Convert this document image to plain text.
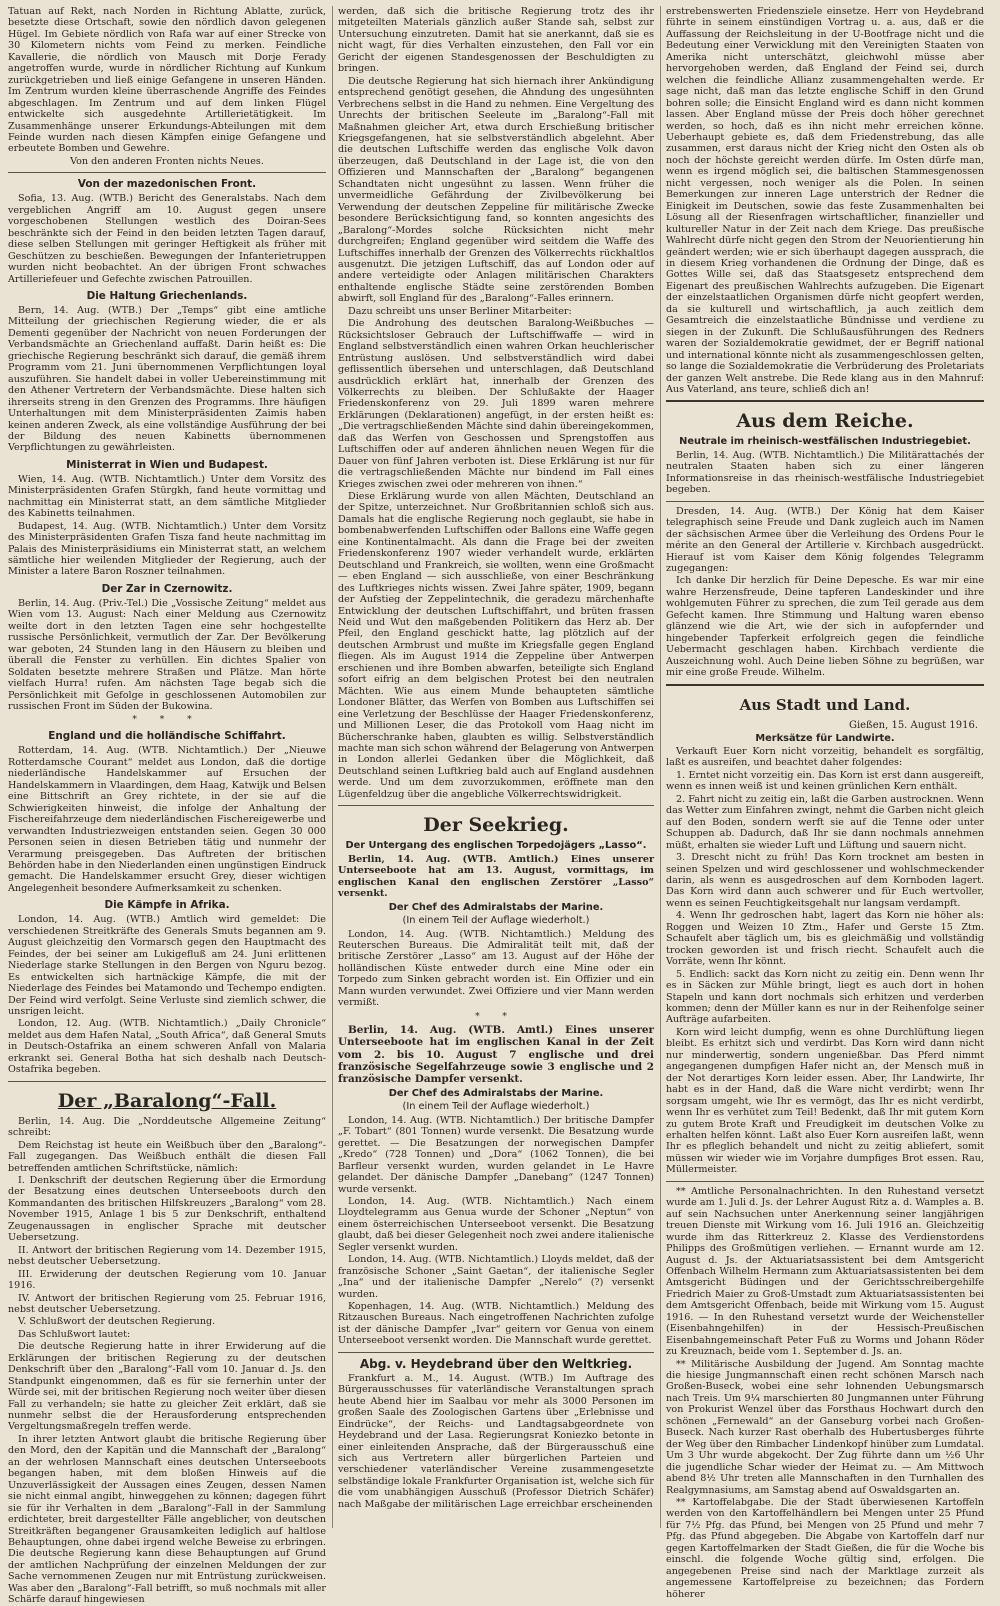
Tatuan auf Rekt, nach Norden in Richtung Ablatte, zurück, besetzte diese Ortschaft, sowie den nördlich davon gelegenen Hügel. Im Gebiete nördlich von Rafa war auf einer Strecke von 30 Kilometern nichts vom Feind zu merken. Feindliche Kavallerie, die nördlich von Mausch mit Dorje Ferady angetroffen wurde, wurde in nördlicher Richtung auf Kunkum zurückgetrieben und ließ einige Gefangene in unseren Händen. Im Zentrum wurden kleine überraschende Angriffe des Feindes abgeschlagen. Im Zentrum und auf dem linken Flügel entwickelte sich ausgedehnte Artillerietätigkeit. Im Zusammenhänge unserer Erkundungs-Abteilungen mit dem Feinde wurden nach diesen Kämpfen einige Gefangene und erbeutete Bomben und Gewehre.

Von den anderen Fronten nichts Neues.

Von der mazedonischen Front.

Sofia, 13. Aug. (WTB.) Bericht des Generalstabs. Nach dem vergeblichen Angriff am 10. August gegen unsere vorgeschobenen Stellungen westlich des Doiran-Sees beschränkte sich der Feind in den beiden letzten Tagen darauf, diese selben Stellungen mit geringer Heftigkeit als früher mit Geschützen zu beschießen. Bewegungen der Infanterietruppen wurden nicht beobachtet. An der übrigen Front schwaches Artilleriefeuer und Gefechte zwischen Patrouillen.

Die Haltung Griechenlands.

Bern, 14. Aug. (WTB.) Der „Temps“ gibt eine amtliche Mitteilung der griechischen Regierung wieder, die er als Dementi gegenüber der Nachricht von neuen Forderungen der Verbandsmächte an Griechenland auffaßt. Darin heißt es: Die griechische Regierung beschränkt sich darauf, die gemäß ihrem Programm vom 21. Juni übernommenen Verpflichtungen loyal auszuführen. Sie handelt dabei in voller Uebereinstimmung mit den Athener Vertretern der Verbandsmächte. Diese halten sich ihrerseits streng in den Grenzen des Programms. Ihre häufigen Unterhaltungen mit dem Ministerpräsidenten Zaimis haben keinen anderen Zweck, als eine vollständige Ausführung der bei der Bildung des neuen Kabinetts übernommenen Verpflichtungen zu gewährleisten.

Ministerrat in Wien und Budapest.

Wien, 14. Aug. (WTB. Nichtamtlich.) Unter dem Vorsitz des Ministerpräsidenten Grafen Stürgkh, fand heute vormittag und nachmittag ein Ministerrat statt, an dem sämtliche Mitglieder des Kabinetts teilnahmen.

Budapest, 14. Aug. (WTB. Nichtamtlich.) Unter dem Vorsitz des Ministerpräsidenten Grafen Tisza fand heute nachmittag im Palais des Ministerpräsidiums ein Ministerrat statt, an welchem sämtliche hier weilenden Mitglieder der Regierung, auch der Minister a latere Baron Roszner teilnahmen.

Der Zar in Czernowitz.

Berlin, 14. Aug. (Priv.-Tel.) Die „Vossische Zeitung“ meldet aus Wien vom 13. August: Nach einer Meldung aus Czernowitz weilte dort in den letzten Tagen eine sehr hochgestellte russische Persönlichkeit, vermutlich der Zar. Der Bevölkerung war geboten, 24 Stunden lang in den Häusern zu bleiben und überall die Fenster zu verhüllen. Ein dichtes Spalier von Soldaten besetzte mehrere Straßen und Plätze. Man hörte vielfach Hurra! rufen. Am nächsten Tage begab sich die Persönlichkeit mit Gefolge in geschlossenen Automobilen zur russischen Front im Süden der Bukowina.

* * *
England und die holländische Schiffahrt.

Rotterdam, 14. Aug. (WTB. Nichtamtlich.) Der „Nieuwe Rotterdamsche Courant“ meldet aus London, daß die dortige niederländische Handelskammer auf Ersuchen der Handelskammern in Vlaardingen, dem Haag, Katwijk und Belsen eine Bittschrift an Grey richtete, in der sie auf die Schwierigkeiten hinweist, die infolge der Anhaltung der Fischereifahrzeuge dem niederländischen Fischereigewerbe und verwandten Industriezweigen entstanden seien. Gegen 30 000 Personen seien in diesen Betrieben tätig und nunmehr der Verarmung preisgegeben. Das Auftreten der britischen Behörden habe in den Niederlanden einen ungünstigen Eindruck gemacht. Die Handelskammer ersucht Grey, dieser wichtigen Angelegenheit besondere Aufmerksamkeit zu schenken.

Die Kämpfe in Afrika.

London, 14. Aug. (WTB.) Amtlich wird gemeldet: Die verschiedenen Streitkräfte des Generals Smuts begannen am 9. August gleichzeitig den Vormarsch gegen den Hauptmacht des Feindes, der bei seiner am Lukigefluß am 24. Juni erlittenen Niederlage starke Stellungen in den Bergen von Nguru bezog. Es entwickelten sich hartnäckige Kämpfe, die mit der Niederlage des Feindes bei Matamondo und Techempo endigten. Der Feind wird verfolgt. Seine Verluste sind ziemlich schwer, die unsrigen leicht.

London, 12. Aug. (WTB. Nichtamtlich.) „Daily Chronicle“ meldet aus dem Hafen Natal, „South Africa“, daß General Smuts in Deutsch-Ostafrika an einem schweren Anfall von Malaria erkrankt sei. General Botha hat sich deshalb nach Deutsch-Ostafrika begeben.

Der „Baralong“-Fall.

Berlin, 14. Aug. Die „Norddeutsche Allgemeine Zeitung“ schreibt:

Dem Reichstag ist heute ein Weißbuch über den „Baralong“-Fall zugegangen. Das Weißbuch enthält die diesen Fall betreffenden amtlichen Schriftstücke, nämlich:

I. Denkschrift der deutschen Regierung über die Ermordung der Besatzung eines deutschen Unterseeboots durch den Kommandanten des britischen Hilfskreuzers „Baralong“ vom 28. November 1915, Anlage 1 bis 5 zur Denkschrift, enthaltend Zeugenaussagen in englischer Sprache mit deutscher Uebersetzung.

II. Antwort der britischen Regierung vom 14. Dezember 1915, nebst deutscher Uebersetzung.

III. Erwiderung der deutschen Regierung vom 10. Januar 1916.

IV. Antwort der britischen Regierung vom 25. Februar 1916, nebst deutscher Uebersetzung.

V. Schlußwort der deutschen Regierung.

Das Schlußwort lautet:

Die deutsche Regierung hatte in ihrer Erwiderung auf die Erklärungen der britischen Regierung zu der deutschen Denkschrift über den „Baralong“-Fall vom 10. Januar d. Js. den Standpunkt eingenommen, daß es für sie fernerhin unter der Würde sei, mit der britischen Regierung noch weiter über diesen Fall zu verhandeln; sie hatte zu gleicher Zeit erklärt, daß sie nunmehr selbst die der Herausforderung entsprechenden Vergeltungsmaßregeln treffen werde.

In ihrer letzten Antwort glaubt die britische Regierung über den Mord, den der Kapitän und die Mannschaft der „Baralong“ an der wehrlosen Mannschaft eines deutschen Unterseeboots begangen haben, mit dem bloßen Hinweis auf die Unzuverlässigkeit der Aussagen eines Zeugen, dessen Namen sie nicht einmal angibt, hinweggehen zu können; dagegen führt sie für ihr Verhalten in dem „Baralong“-Fall in der Sammlung erdichteter, breit dargestellter Fälle angeblicher, von deutschen Streitkräften begangener Grausamkeiten lediglich auf haltlose Behauptungen, ohne dabei irgend welche Beweise zu erbringen. Die deutsche Regierung kann diese Behauptungen auf Grund der amtlichen Nachprüfung der einzelnen Meldungen der zur Sache vernommenen Zeugen nur mit Entrüstung zurückweisen. Was aber den „Baralong“-Fall betrifft, so muß nochmals mit aller Schärfe darauf hingewiesen

werden, daß sich die britische Regierung trotz des ihr mitgeteilten Materials gänzlich außer Stande sah, selbst zur Untersuchung einzutreten. Damit hat sie anerkannt, daß sie es nicht wagt, für dies Verhalten einzustehen, den Fall vor ein Gericht der eigenen Standesgenossen der Beschuldigten zu bringen.

Die deutsche Regierung hat sich hiernach ihrer Ankündigung entsprechend genötigt gesehen, die Ahndung des ungesühnten Verbrechens selbst in die Hand zu nehmen. Eine Vergeltung des Unrechts der britischen Seeleute im „Baralong“-Fall mit Maßnahmen gleicher Art, etwa durch Erschießung britischer Kriegsgefangenen, hat sie selbstverständlich abgelehnt. Aber die deutschen Luftschiffe werden das englische Volk davon überzeugen, daß Deutschland in der Lage ist, die von den Offizieren und Mannschaften der „Baralong“ begangenen Schandtaten nicht ungesühnt zu lassen. Wenn früher die unvermeidliche Gefährdung der Zivilbevölkerung bei Verwendung der deutschen Zeppeline für militärische Zwecke besondere Berücksichtigung fand, so konnten angesichts des „Baralong“-Mordes solche Rücksichten nicht mehr durchgreifen; England gegenüber wird seitdem die Waffe des Luftschiffes innerhalb der Grenzen des Völkerrechts rückhaltlos ausgenutzt. Die jetzigen Luftschiff, das auf London oder auf andere verteidigte oder Anlagen militärischen Charakters enthaltende englische Städte seine zerstörenden Bomben abwirft, soll England für des „Baralong“-Falles erinnern.

Dazu schreibt uns unser Berliner Mitarbeiter:

Die Androhung des deutschen Baralong-Weißbuches — Rücksichtsloser Gebrauch der Luftschiffwaffe — wird in England selbstverständlich einen wahren Orkan heuchlerischer Entrüstung auslösen. Und selbstverständlich wird dabei geflissentlich übersehen und unterschlagen, daß Deutschland ausdrücklich erklärt hat, innerhalb der Grenzen des Völkerrechts zu bleiben. Der Schlußakte der Haager Friedenskonferenz von 29. Juli 1899 waren mehrere Erklärungen (Deklarationen) angefügt, in der ersten heißt es: „Die vertragschließenden Mächte sind dahin übereingekommen, daß das Werfen von Geschossen und Sprengstoffen aus Luftschiffen oder auf anderen ähnlichen neuen Wegen für die Dauer von fünf Jahren verboten ist. Diese Erklärung ist nur für die vertragschließenden Mächte nur bindend im Fall eines Krieges zwischen zwei oder mehreren von ihnen.“

Diese Erklärung wurde von allen Mächten, Deutschland an der Spitze, unterzeichnet. Nur Großbritannien schloß sich aus. Damals hat die englische Regierung noch geglaubt, sie habe in bombenabwerfenden Luftschiffen oder Ballons eine Waffe gegen eine Kontinentalmacht. Als dann die Frage bei der zweiten Friedenskonferenz 1907 wieder verhandelt wurde, erklärten Deutschland und Frankreich, sie wollten, wenn eine Großmacht — eben England — sich ausschließe, von einer Beschränkung des Luftkrieges nichts wissen. Zwei Jahre später, 1909, begann der Aufstieg der Zeppelintechnik, die geradezu märchenhafte Entwicklung der deutschen Luftschiffahrt, und brüten frassen Neid und Wut den maßgebenden Politikern das Herz ab. Der Pfeil, den England geschickt hatte, lag plötzlich auf der deutschen Armbrust und mußte im Kriegsfalle gegen England fliegen. Als im August 1914 die Zeppeline über Antwerpen erschienen und ihre Bomben abwarfen, beteiligte sich England sofort eifrig an dem belgischen Protest bei den neutralen Mächten. Wie aus einem Munde behaupteten sämtliche Londoner Blätter, das Werfen von Bomben aus Luftschiffen sei eine Verletzung der Beschlüsse der Haager Friedenskonferenz, und Millionen Leser, die das Protokoll vom Haag nicht im Bücherschranke haben, glaubten es willig. Selbstverständlich machte man sich schon während der Belagerung von Antwerpen in London allerlei Gedanken über die Möglichkeit, daß Deutschland seinen Luftkrieg bald auch auf England ausdehnen werde. Und um dem zuvorzukommen, eröffnete man den Lügenfeldzug über die angebliche Völkerrechtswidrigkeit.

Der Seekrieg.
Der Untergang des englischen Torpedojägers „Lasso“.

Berlin, 14. Aug. (WTB. Amtlich.) Eines unserer Unterseeboote hat am 13. August, vormittags, im englischen Kanal den englischen Zerstörer „Lasso“ versenkt.

Der Chef des Admiralstabs der Marine.
(In einem Teil der Auflage wiederholt.)

London, 14. Aug. (WTB. Nichtamtlich.) Meldung des Reuterschen Bureaus. Die Admiralität teilt mit, daß der britische Zerstörer „Lasso“ am 13. August auf der Höhe der holländischen Küste entweder durch eine Mine oder ein Torpedo zum Sinken gebracht worden ist. Ein Offizier und ein Mann wurden verwundet. Zwei Offiziere und vier Mann werden vermißt.

* *

Berlin, 14. Aug. (WTB. Amtl.) Eines unserer Unterseeboote hat im englischen Kanal in der Zeit vom 2. bis 10. August 7 englische und drei französische Segelfahrzeuge sowie 3 englische und 2 französische Dampfer versenkt.

Der Chef des Admiralstabs der Marine.
(In einem Teil der Auflage wiederholt.)

London, 14. Aug. (WTB. Nichtamtlich.) Der britische Dampfer „F. Tobart“ (801 Tonnen) wurde versenkt. Die Besatzung wurde gerettet. — Die Besatzungen der norwegischen Dampfer „Kredo“ (728 Tonnen) und „Dora“ (1062 Tonnen), die bei Barfleur versenkt wurden, wurden gelandet in Le Havre gelandet. Der dänische Dampfer „Danebang“ (1247 Tonnen) wurde versenkt.

London, 14. Aug. (WTB. Nichtamtlich.) Nach einem Lloydtelegramm aus Genua wurde der Schoner „Neptun“ von einem österreichischen Unterseeboot versenkt. Die Besatzung glaubt, daß bei dieser Gelegenheit noch zwei andere italienische Segler versenkt wurden.

London, 14. Aug. (WTB. Nichtamtlich.) Lloyds meldet, daß der französische Schoner „Saint Gaetan“, der italienische Segler „Ina“ und der italienische Dampfer „Nerelo“ (?) versenkt wurden.

Kopenhagen, 14. Aug. (WTB. Nichtamtlich.) Meldung des Ritzauschen Bureaus. Nach eingetroffenen Nachrichten zufolge ist der dänische Dampfer „Ivar“ geitern vor Genua von einem Unterseeboot versenkt worden. Die Mannschaft wurde gerettet.

Abg. v. Heydebrand über den Weltkrieg.

Frankfurt a. M., 14. August. (WTB.) Im Auftrage des Bürgerausschusses für vaterländische Veranstaltungen sprach heute Abend hier im Saalbau vor mehr als 3000 Personen im großen Saale des Zoologischen Gartens über „Erlebnisse und Eindrücke“, der Reichs- und Landtagsabgeordnete von Heydebrand und der Lasa. Regierungsrat Koniezko betonte in einer einleitenden Ansprache, daß der Bürgerausschuß eine sich aus Vertretern aller bürgerlichen Parteien und verschiedener vaterländischer Vereine zusammengesetzte selbständige lokale Frankfurter Organisation ist, welche sich für die vom unabhängigen Ausschuß (Professor Dietrich Schäfer) nach Maßgabe der militärischen Lage erreichbar erscheinenden

erstrebenswerten Friedensziele einsetze. Herr von Heydebrand führte in seinem einstündigen Vortrag u. a. aus, daß er die Auffassung der Reichsleitung in der U-Bootfrage nicht und die Bedeutung einer Verwicklung mit den Vereinigten Staaten von Amerika nicht unterschätzt, gleichwohl müsse aber hervorgehoben werden, daß England der Feind sei, durch welchen die feindliche Allianz zusammengehalten werde. Er sage nicht, daß man das letzte englische Schiff in den Grund bohren solle; die Einsicht England wird es dann nicht kommen lassen. Aber England müsse der Preis doch höher gerechnet werden, so hoch, daß es ihn nicht mehr erreichen könne. Ueberhaupt gebiete es, daß dem Friedenstrebung, das alle zusammen, erst daraus nicht der Krieg nicht den Osten als ob noch der höchste gereicht werden dürfe. Im Osten dürfe man, wenn es irgend möglich sei, die baltischen Stammesgenossen nicht vergessen, noch weniger als die Polen. In seinen Bemerkungen zur inneren Lage unterstrich der Redner die Einigkeit im Deutschen, sowie das feste Zusammenhalten bei Lösung all der Riesenfragen wirtschaftlicher, finanzieller und kultureller Natur in der Zeit nach dem Kriege. Das preußische Wahlrecht dürfe nicht gegen den Strom der Neuorientierung hin geändert werden; wie er sich überhaupt dagegen aussprach, die in diesem Krieg vorhandenen die Ordnung der Dinge, daß es Gottes Wille sei, daß das Staatsgesetz entsprechend dem Eigenart des preußischen Wahlrechts aufzugeben. Die Eigenart der einzelstaatlichen Organismen dürfe nicht geopfert werden, da sie kulturell und wirtschaftlich, ja auch zeitlich dem Gesamtreich die einzelstaatliche Bündnisse und verdiene zu siegen in der Zukunft. Die Schlußausführungen des Redners waren der Sozialdemokratie gewidmet, der er Begriff national und international könnte nicht als zusammengeschlossen gelten, so lange die Sozialdemokratie die Verbrüderung des Proletariats der ganzen Welt anstrebe. Die Rede klang aus in den Mahnruf: Aus Vaterland, ans teure, schließ dich an!

Aus dem Reiche.
Neutrale im rheinisch-westfälischen Industriegebiet.

Berlin, 14. Aug. (WTB. Nichtamtlich.) Die Militärattachés der neutralen Staaten haben sich zu einer längeren Informationsreise in das rheinisch-westfälische Industriegebiet begeben.

Dresden, 14. Aug. (WTB.) Der König hat dem Kaiser telegraphisch seine Freude und Dank zugleich auch im Namen der sächsischen Armee über die Verleihung des Ordens Pour le mérite an den General der Artillerie v. Kirchbach ausgedrückt. Hierauf ist vom Kaiser dem König folgendes Telegramm zugegangen:

Ich danke Dir herzlich für Deine Depesche. Es war mir eine wahre Herzensfreude, Deine tapferen Landeskinder und ihre wohlgemuten Führer zu sprechen, die zum Teil gerade aus dem Gefecht kamen. Ihre Stimmung und Haltung waren ebenso glänzend wie die Art, wie der sich in aufopfernder und hingebender Tapferkeit erfolgreich gegen die feindliche Uebermacht geschlagen haben. Kirchbach verdiente die Auszeichnung wohl. Auch Deine lieben Söhne zu begrüßen, war mir eine große Freude. Wilhelm.

Aus Stadt und Land.
Gießen, 15. August 1916.
Merksätze für Landwirte.

Verkauft Euer Korn nicht vorzeitig, behandelt es sorgfältig, laßt es ausreifen, und beachtet daher folgendes:

1. Erntet nicht vorzeitig ein. Das Korn ist erst dann ausgereift, wenn es innen weiß ist und keinen grünlichen Kern enthält.

2. Fahrt nicht zu zeitig ein, laßt die Garben austrocknen. Wenn das Wetter zum Einfahren zwingt, nehmt die Garben nicht gleich auf den Boden, sondern werft sie auf die Tenne oder unter Schuppen ab. Dadurch, daß Ihr sie dann nochmals annehmen müßt, erhalten sie wieder Luft und Lüftung und sauern nicht.

3. Drescht nicht zu früh! Das Korn trocknet am besten in seinen Spelzen und wird geschlossener und wohlschmeckender darin, als wenn es ausgedroschen auf dem Kornboden lagert. Das Korn wird dann auch schwerer und für Euch wertvoller, wenn es seinen Feuchtigkeitsgehalt nur langsam verdampft.

4. Wenn Ihr gedroschen habt, lagert das Korn nie höher als: Roggen und Weizen 10 Ztm., Hafer und Gerste 15 Ztm. Schaufelt aber täglich um, bis es gleichmäßig und vollständig trocken geworden ist und frisch riecht. Schaufelt auch die Vorräte, wenn Ihr könnt.

5. Endlich: sackt das Korn nicht zu zeitig ein. Denn wenn Ihr es in Säcken zur Mühle bringt, liegt es auch dort in hohen Stapeln und kann dort nochmals sich erhitzen und verderben kommen; denn der Müller kann es nur in der Reihenfolge seiner Aufträge aufarbeiten.

Korn wird leicht dumpfig, wenn es ohne Durchlüftung liegen bleibt. Es erhitzt sich und verdirbt. Das Korn wird dann nicht nur minderwertig, sondern ungenießbar. Das Pferd nimmt angegangenen dumpfigen Hafer nicht an, der Mensch muß in der Not derartiges Korn leider essen. Aber, Ihr Landwirte, Ihr habt es in der Hand, daß die Ware nicht verdirbt; wenn Ihr sorgsam umgeht, wie Ihr es vermögt, das Ihr es nicht verdirbt, wenn Ihr es verhütet zum Teil! Bedenkt, daß Ihr mit gutem Korn zu gutem Brote Kraft und Freudigkeit im deutschen Volke zu erhalten helfen könnt. Laßt also Euer Korn ausreifen laßt, wenn Ihr es pfleglich behandelt und nicht zu zeitig abliefert, somit müssen wir wieder wie im Vorjahre dumpfiges Brot essen. Rau, Müllermeister.

** Amtliche Personalnachrichten. In den Ruhestand versetzt wurde am 1. Juli d. Js. der Lehrer August Ritz a. d. Wamples a. B. auf sein Nachsuchen unter Anerkennung seiner langjährigen treuen Dienste mit Wirkung vom 16. Juli 1916 an. Gleichzeitig wurde ihm das Ritterkreuz 2. Klasse des Verdienstordens Philipps des Großmütigen verliehen. — Ernannt wurde am 12. August d. Js. der Aktuariatsassistent bei dem Amtsgericht Offenbach Wilhelm Hermann zum Aktuariatsassistenten bei dem Amtsgericht Büdingen und der Gerichtsschreibergehilfe Friedrich Maier zu Groß-Umstadt zum Aktuariatsassistenten bei dem Amtsgericht Offenbach, beide mit Wirkung vom 15. August 1916. — In den Ruhestand versetzt wurde der Weichensteller (Eisenbahngehilfen) in der Hessisch-Preußischen Eisenbahngemeinschaft Peter Fuß zu Worms und Johann Röder zu Kreuznach, beide vom 1. September d. Js. an.

** Militärische Ausbildung der Jugend. Am Sonntag machte die hiesige Jungmannschaft einen recht schönen Marsch nach Großen-Buseck, wobei eine sehr lohnenden Uebungsmarsch nach Treis. Um 9¼ marschierten 80 Jungmannen unter Führung von Prokurist Wenzel über das Forsthaus Hochwart durch den schönen „Fernewald“ an der Ganseburg vorbei nach Großen-Buseck. Nach kurzer Rast oberhalb des Hubertusberges führte der Weg über den Rimbacher Lindenkopf hinüber zum Lumdatal. Um 3 Uhr wurde abgekocht. Der Zug führte dann um ½6 Uhr die jugendliche Schar wieder der Heimat zu. — Am Mittwoch abend 8½ Uhr treten alle Mannschaften in den Turnhallen des Realgymnasiums, am Samstag abend auf Oswaldsgarten an.

** Kartoffelabgabe. Die der Stadt überwiesenen Kartoffeln werden von den Kartoffelhändlern bei Mengen unter 25 Pfund für 7½ Pfg. das Pfund, bei Mengen von 25 Pfund und mehr 7 Pfg. das Pfund abgegeben. Die Abgabe von Kartoffeln darf nur gegen Kartoffelmarken der Stadt Gießen, die für die Woche bis einschl. die folgende Woche gültig sind, erfolgen. Die angegebenen Preise sind nach der Marktlage zurzeit als angemessene Kartoffelpreise zu bezeichnen; das Fordern höherer
